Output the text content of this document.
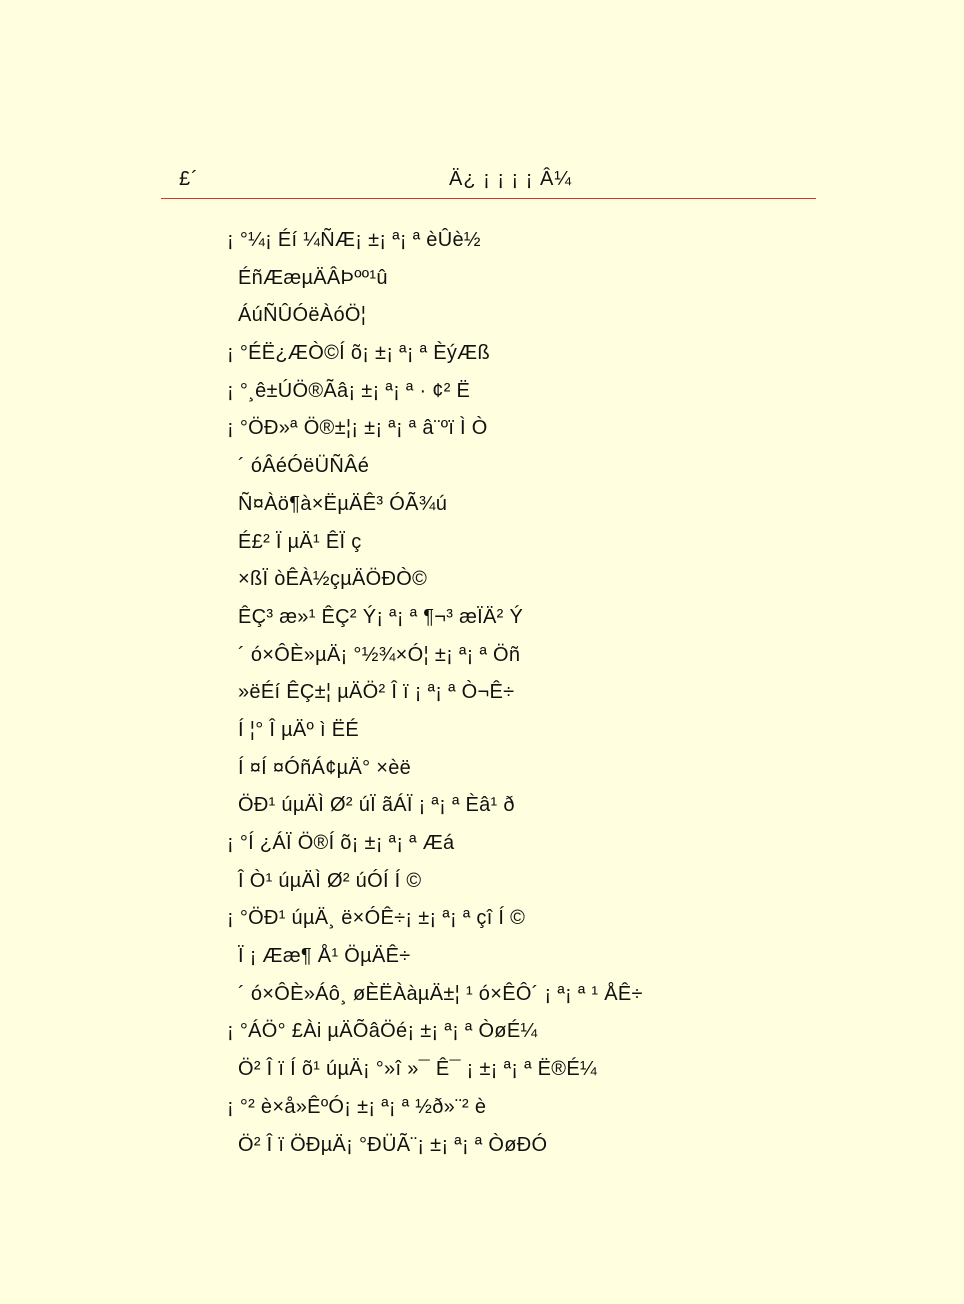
£´	Ä¿ ¡ ¡ ¡ ¡ Â¼
¡ °¼¡ Éí ¼ÑÆ¡ ±¡ ª¡ ª èÛè½
ÉñÆæµÄÂÞºº¹û
ÁúÑÛÓëÀóÖ¦
¡ °ÉË¿ÆÒ©Í õ¡ ±¡ ª¡ ª ÈýÆß
¡ °¸ê±ÚÖ®Ãâ¡ ±¡ ª¡ ª · ¢² Ë
¡ °ÖÐ»ª Ö®±¦¡ ±¡ ª¡ ª â¨ºï Ì Ò
´ óÂéÓëÜÑÂé
Ñ¤Àö¶à×ËµÄÊ³ ÓÃ¾ú
É£² Ï µÄ¹ ÊÏ ç
×ßÏ òÊÀ½çµÄÖÐÒ©
ÊÇ³ æ»¹ ÊÇ² Ý¡ ª¡ ª ¶¬³ æÏÄ² Ý
´ ó×ÔÈ»µÄ¡ °½¾×Ó¦ ±¡ ª¡ ª Öñ
»ëÉí ÊÇ±¦ µÄÖ² Î ï ¡ ª¡ ª Ò¬Ê÷
Í ¦° Î µÄº ì ËÉ
Í ¤Í ¤ÓñÁ¢µÄ° ×èë
ÖÐ¹ úµÄÌ Ø² úÏ ãÁÏ ¡ ª¡ ª Èâ¹ ð
¡ °Í ¿ÁÏ Ö®Í õ¡ ±¡ ª¡ ª Æá
Î Ò¹ úµÄÌ Ø² úÓÍ Í ©
¡ °ÖÐ¹ úµÄ¸ ë×ÓÊ÷¡ ±¡ ª¡ ª çî Í ©
Ï ¡ Ææ¶ Å¹ ÖµÄÊ÷
´ ó×ÔÈ»Áô¸ øÈËÀàµÄ±¦ ¹ ó×ÊÔ´ ¡ ª¡ ª ¹ ÅÊ÷
¡ °ÁÖ° £Ài µÄÕâÖé¡ ±¡ ª¡ ª ÒøÉ¼
Ö² Î ï Í õ¹ úµÄ¡ °»î »¯ Ê¯ ¡ ±¡ ª¡ ª Ë®É¼
¡ °² è×å»ÊºÓ¡ ±¡ ª¡ ª ½ð»¨² è
Ö² Î ï ÖÐµÄ¡ °ÐÜÃ¨¡ ±¡ ª¡ ª ÒøÐÓ
